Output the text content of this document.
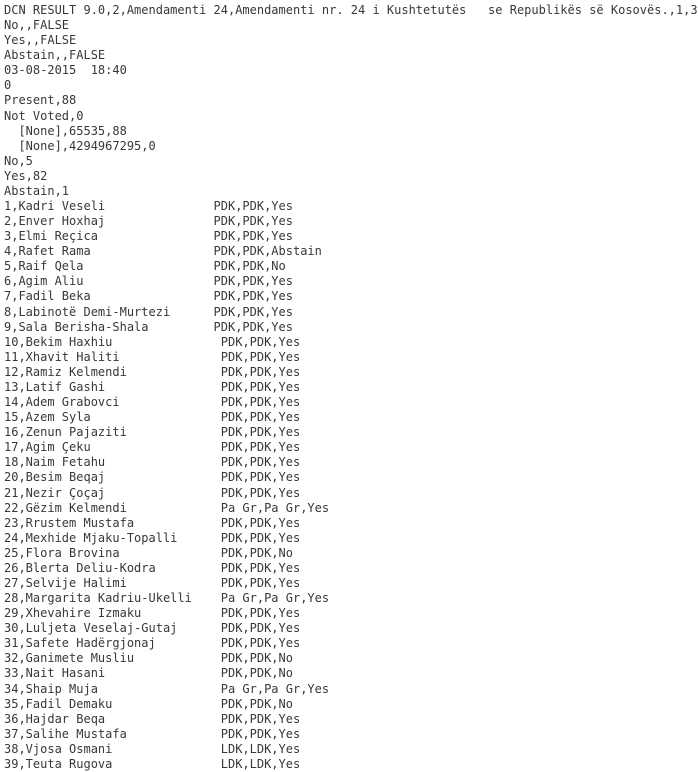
DCN RESULT 9.0,2,Amendamenti 24,Amendamenti nr. 24 i Kushtetutës   se Republikës së Kosovës.,1,3
No,,FALSE
Yes,,FALSE
Abstain,,FALSE
03-08-2015  18:40
0
Present,88
Not Voted,0
[None],65535,88
[None],4294967295,0
No,5
Yes,82
Abstain,1
1,Kadri Veseli               PDK,PDK,Yes
2,Enver Hoxhaj               PDK,PDK,Yes
3,Elmi Reçica                PDK,PDK,Yes
4,Rafet Rama                 PDK,PDK,Abstain
5,Raif Qela                  PDK,PDK,No
6,Agim Aliu                  PDK,PDK,Yes
7,Fadil Beka                 PDK,PDK,Yes
8,Labinotë Demi-Murtezi      PDK,PDK,Yes
9,Sala Berisha-Shala         PDK,PDK,Yes
10,Bekim Haxhiu               PDK,PDK,Yes
11,Xhavit Haliti              PDK,PDK,Yes
12,Ramiz Kelmendi             PDK,PDK,Yes
13,Latif Gashi                PDK,PDK,Yes
14,Adem Grabovci              PDK,PDK,Yes
15,Azem Syla                  PDK,PDK,Yes
16,Zenun Pajaziti             PDK,PDK,Yes
17,Agim Çeku                  PDK,PDK,Yes
18,Naim Fetahu                PDK,PDK,Yes
20,Besim Beqaj                PDK,PDK,Yes
21,Nezir Çoçaj                PDK,PDK,Yes
22,Gëzim Kelmendi             Pa Gr,Pa Gr,Yes
23,Rrustem Mustafa            PDK,PDK,Yes
24,Mexhide Mjaku-Topalli      PDK,PDK,Yes
25,Flora Brovina              PDK,PDK,No
26,Blerta Deliu-Kodra         PDK,PDK,Yes
27,Selvije Halimi             PDK,PDK,Yes
28,Margarita Kadriu-Ukelli    Pa Gr,Pa Gr,Yes
29,Xhevahire Izmaku           PDK,PDK,Yes
30,Luljeta Veselaj-Gutaj      PDK,PDK,Yes
31,Safete Hadërgjonaj         PDK,PDK,Yes
32,Ganimete Musliu            PDK,PDK,No
33,Nait Hasani                PDK,PDK,No
34,Shaip Muja                 Pa Gr,Pa Gr,Yes
35,Fadil Demaku               PDK,PDK,No
36,Hajdar Beqa                PDK,PDK,Yes
37,Salihe Mustafa             PDK,PDK,Yes
38,Vjosa Osmani               LDK,LDK,Yes
39,Teuta Rugova               LDK,LDK,Yes
